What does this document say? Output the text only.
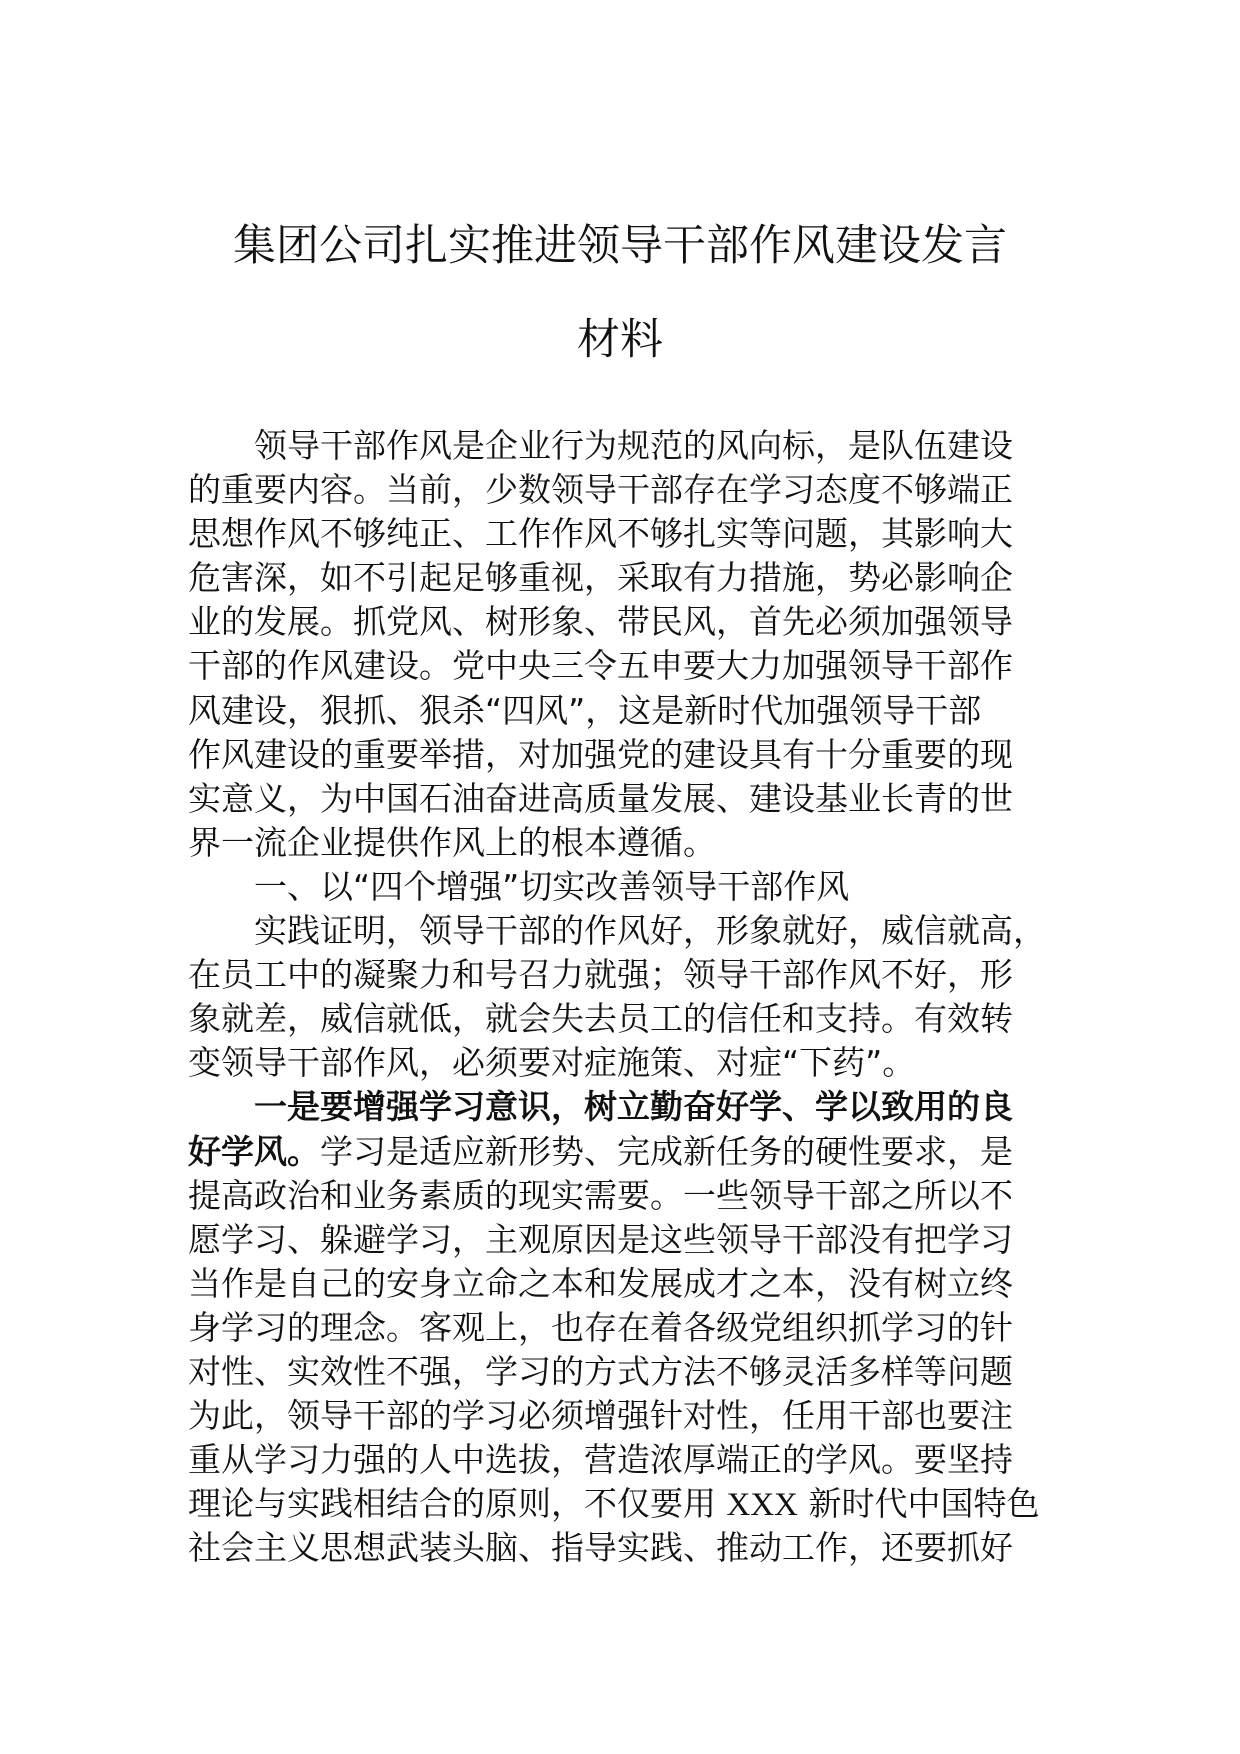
集团公司扎实推进领导干部作风建设发言
材料
领导干部作风是企业行为规范的风向标，是队伍建设
的重要内容。当前，少数领导干部存在学习态度不够端正
思想作风不够纯正、工作作风不够扎实等问题，其影响大
危害深，如不引起足够重视，采取有力措施，势必影响企
业的发展。抓党风、树形象、带民风，首先必须加强领导
干部的作风建设。党中央三令五申要大力加强领导干部作
风建设，狠抓、狠杀“四风”，这是新时代加强领导干部
作风建设的重要举措，对加强党的建设具有十分重要的现
实意义，为中国石油奋进高质量发展、建设基业长青的世
界一流企业提供作风上的根本遵循。
一、以“四个增强”切实改善领导干部作风
实践证明，领导干部的作风好，形象就好，威信就高，
在员工中的凝聚力和号召力就强；领导干部作风不好，形
象就差，威信就低，就会失去员工的信任和支持。有效转
变领导干部作风，必须要对症施策、对症“下药”。
一是要增强学习意识，树立勤奋好学、学以致用的良
好学风。学习是适应新形势、完成新任务的硬性要求，是
提高政治和业务素质的现实需要。一些领导干部之所以不
愿学习、躲避学习，主观原因是这些领导干部没有把学习
当作是自己的安身立命之本和发展成才之本，没有树立终
身学习的理念。客观上，也存在着各级党组织抓学习的针
对性、实效性不强，学习的方式方法不够灵活多样等问题
为此，领导干部的学习必须增强针对性，任用干部也要注
重从学习力强的人中选拔，营造浓厚端正的学风。要坚持
理论与实践相结合的原则，不仅要用 XXX 新时代中国特色
社会主义思想武装头脑、指导实践、推动工作，还要抓好
